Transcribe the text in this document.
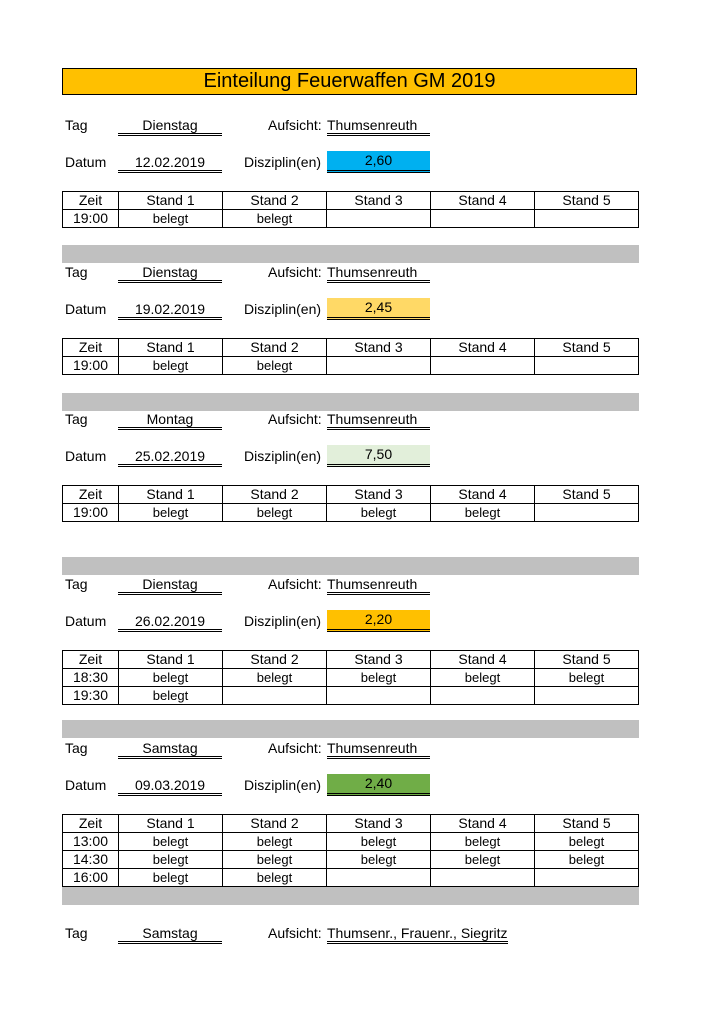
Einteilung Feuerwaffen GM 2019
Tag	Dienstag	Aufsicht: Thumsenreuth
Datum	12.02.2019	Disziplin(en)	2,60
Zeit	Stand 1	Stand 2	Stand 3	Stand 4	Stand 5
19:00	belegt	belegt			
Tag	Dienstag	Aufsicht: Thumsenreuth
Datum	19.02.2019	Disziplin(en)	2,45
Zeit	Stand 1	Stand 2	Stand 3	Stand 4	Stand 5
19:00	belegt	belegt			
Tag	Montag	Aufsicht: Thumsenreuth
Datum	25.02.2019	Disziplin(en)	7,50
Zeit	Stand 1	Stand 2	Stand 3	Stand 4	Stand 5
19:00	belegt	belegt	belegt	belegt	
Tag	Dienstag	Aufsicht: Thumsenreuth
Datum	26.02.2019	Disziplin(en)	2,20
Zeit	Stand 1	Stand 2	Stand 3	Stand 4	Stand 5
18:30	belegt	belegt	belegt	belegt	belegt
19:30	belegt				
Tag	Samstag	Aufsicht: Thumsenreuth
Datum	09.03.2019	Disziplin(en)	2,40
Zeit	Stand 1	Stand 2	Stand 3	Stand 4	Stand 5
13:00	belegt	belegt	belegt	belegt	belegt
14:30	belegt	belegt	belegt	belegt	belegt
16:00	belegt	belegt			
Tag	Samstag	Aufsicht: Thumsenr., Frauenr., Siegritz
